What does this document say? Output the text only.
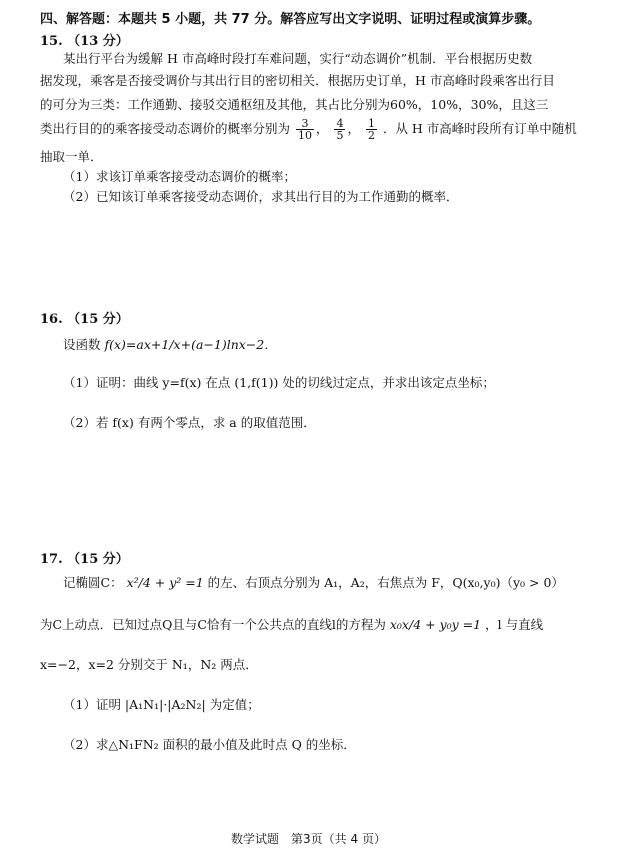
四、解答题：本题共 5 小题，共 77 分。解答应写出文字说明、证明过程或演算步骤。
15. （13 分）
某出行平台为缓解 H 市高峰时段打车难问题，实行“动态调价”机制．平台根据历史数
据发现，乘客是否接受调价与其出行目的密切相关．根据历史订单，H 市高峰时段乘客出行目
的可分为三类：工作通勤、接驳交通枢纽及其他，其占比分别为60%，10%，30%，且这三
类出行目的的乘客接受动态调价的概率分别为 $\frac{3}{10}$ ， $\frac{4}{5}$ ， $\frac{1}{2}$ ．从 H 市高峰时段所有订单中随机
抽取一单．
（1）求该订单乘客接受动态调价的概率；
（2）已知该订单乘客接受动态调价，求其出行目的为工作通勤的概率．
16. （15 分）
设函数 f(x)=ax+1/x+(a−1)lnx−2．
（1）证明：曲线 y=f(x) 在点 (1,f(1)) 处的切线过定点，并求出该定点坐标；
（2）若 f(x) 有两个零点，求 a 的取值范围．
17. （15 分）
记椭圆C： x²/4 + y² =1 的左、右顶点分别为 A₁，A₂，右焦点为 F，Q(x₀,y₀)（y₀ > 0）
为C上动点．已知过点Q且与C恰有一个公共点的直线l的方程为 x₀x/4 + y₀y =1 ，l 与直线
x=−2，x=2 分别交于 N₁，N₂ 两点．
（1）证明 |A₁N₁|·|A₂N₂| 为定值；
（2）求△N₁FN₂ 面积的最小值及此时点 Q 的坐标．
数学试题　第3页（共 4 页）
